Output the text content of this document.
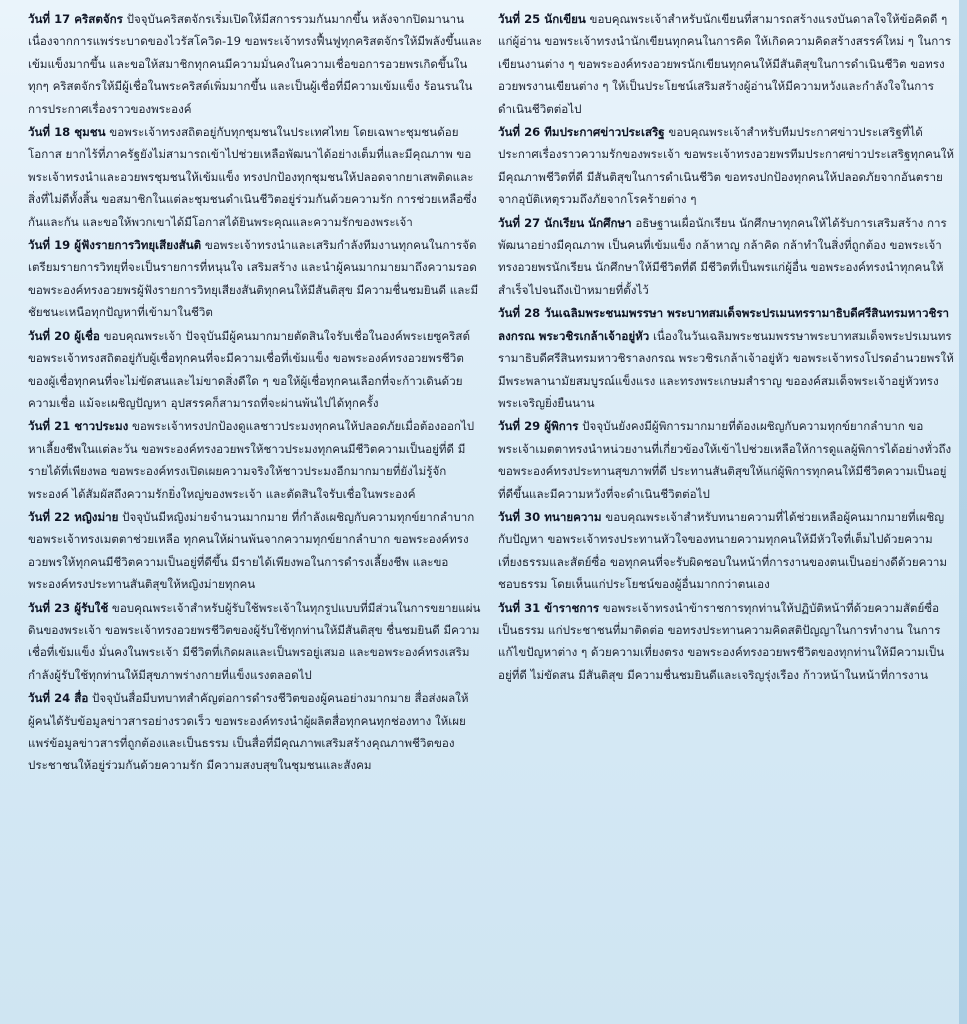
วันที่ 17 คริสตจักร ปัจจุบันคริสตจักรเริ่มเปิดให้มีสการรวมกันมากขึ้น หลังจากปิดมานานเนื่องจากการแพร่ระบาดของไวรัสโควิด-19 ขอพระเจ้าทรงฟื้นฟูทุกคริสตจักรให้มีพลังขึ้นและเข้มแข็งมากขึ้น และขอให้สมาชิกทุกคนมีความมั่นคงในความเชื่อขอการอวยพรเกิดขึ้นในทุกๆ คริสตจักรให้มีผู้เชื่อในพระคริสต์เพิ่มมากขึ้น และเป็นผู้เชื่อที่มีความเข้มแข็ง ร้อนรนในการประกาศเรื่องราวของพระองค์

วันที่ 18 ชุมชน ขอพระเจ้าทรงสถิตอยู่กับทุกชุมชนในประเทศไทย โดยเฉพาะชุมชนด้อยโอกาส ยากไร้ที่ภาครัฐยังไม่สามารถเข้าไปช่วยเหลือพัฒนาได้อย่างเต็มที่และมีคุณภาพ ขอพระเจ้าทรงนำและอวยพรชุมชนให้เข้มแข็ง ทรงปกป้องทุกชุมชนให้ปลอดจากยาเสพติดและสิ่งที่ไม่ดีทั้งสิ้น ขอสมาชิกในแต่ละชุมชนดำเนินชีวิตอยู่ร่วมกันด้วยความรัก การช่วยเหลือซึ่งกันและกัน และขอให้พวกเขาได้มีโอกาสได้ยินพระคุณและความรักของพระเจ้า

วันที่ 19 ผู้ฟังรายการวิทยุเสียงสันติ ขอพระเจ้าทรงนำและเสริมกำลังทีมงานทุกคนในการจัดเตรียมรายการวิทยุที่จะเป็นรายการที่หนุนใจ เสริมสร้าง และนำผู้คนมากมายมาถึงความรอด ขอพระองค์ทรงอวยพรผู้ฟังรายการวิทยุเสียงสันติทุกคนให้มีสันติสุข มีความชื่นชมยินดี และมีชัยชนะเหนือทุกปัญหาที่เข้ามาในชีวิต

วันที่ 20 ผู้เชื่อ ขอบคุณพระเจ้า ปัจจุบันมีผู้คนมากมายตัดสินใจรับเชื่อในองค์พระเยซูคริสต์ ขอพระเจ้าทรงสถิตอยู่กับผู้เชื่อทุกคนที่จะมีความเชื่อที่เข้มแข็ง ขอพระองค์ทรงอวยพรชีวิตของผู้เชื่อทุกคนที่จะไม่ขัดสนและไม่ขาดสิ่งดีใด ๆ ขอให้ผู้เชื่อทุกคนเลือกที่จะก้าวเดินด้วยความเชื่อ แม้จะเผชิญปัญหา อุปสรรคก็สามารถที่จะผ่านพ้นไปได้ทุกครั้ง

วันที่ 21 ชาวประมง ขอพระเจ้าทรงปกป้องดูแลชาวประมงทุกคนให้ปลอดภัยเมื่อต้องออกไปหาเลี้ยงชีพในแต่ละวัน ขอพระองค์ทรงอวยพรให้ชาวประมงทุกคนมีชีวิตความเป็นอยู่ที่ดี มีรายได้ที่เพียงพอ ขอพระองค์ทรงเปิดเผยความจริงให้ชาวประมงอีกมากมายที่ยังไม่รู้จักพระองค์ ได้สัมผัสถึงความรักยิ่งใหญ่ของพระเจ้า และตัดสินใจรับเชื่อในพระองค์

วันที่ 22 หญิงม่าย ปัจจุบันมีหญิงม่ายจำนวนมากมาย ที่กำลังเผชิญกับความทุกข์ยากลำบาก ขอพระเจ้าทรงเมตตาช่วยเหลือ ทุกคนให้ผ่านพ้นจากความทุกข์ยากลำบาก ขอพระองค์ทรงอวยพรให้ทุกคนมีชีวิตความเป็นอยู่ที่ดีขึ้น มีรายได้เพียงพอในการดำรงเลี้ยงชีพ และขอพระองค์ทรงประทานสันติสุขให้หญิงม่ายทุกคน

วันที่ 23 ผู้รับใช้ ขอบคุณพระเจ้าสำหรับผู้รับใช้พระเจ้าในทุกรูปแบบที่มีส่วนในการขยายแผ่นดินของพระเจ้า ขอพระเจ้าทรงอวยพรชีวิตของผู้รับใช้ทุกท่านให้มีสันติสุข ชื่นชมยินดี มีความเชื่อที่เข้มแข็ง มั่นคงในพระเจ้า มีชีวิตที่เกิดผลและเป็นพรอยู่เสมอ และขอพระองค์ทรงเสริมกำลังผู้รับใช้ทุกท่านให้มีสุขภาพร่างกายที่แข็งแรงตลอดไป

วันที่ 24 สื่อ ปัจจุบันสื่อมีบทบาทสำคัญต่อการดำรงชีวิตของผู้คนอย่างมากมาย สื่อส่งผลให้ผู้คนได้รับข้อมูลข่าวสารอย่างรวดเร็ว ขอพระองค์ทรงนำผู้ผลิตสื่อทุกคนทุกช่องทาง ให้เผยแพร่ข้อมูลข่าวสารที่ถูกต้องและเป็นธรรม เป็นสื่อที่มีคุณภาพเสริมสร้างคุณภาพชีวิตของประชาชนให้อยู่ร่วมกันด้วยความรัก มีความสงบสุขในชุมชนและสังคม

วันที่ 25 นักเขียน ขอบคุณพระเจ้าสำหรับนักเขียนที่สามารถสร้างแรงบันดาลใจให้ข้อคิดดี ๆ แก่ผู้อ่าน ขอพระเจ้าทรงนำนักเขียนทุกคนในการคิด ให้เกิดความคิดสร้างสรรค์ใหม่ ๆ ในการเขียนงานต่าง ๆ ขอพระองค์ทรงอวยพรนักเขียนทุกคนให้มีสันติสุขในการดำเนินชีวิต ขอทรงอวยพรงานเขียนต่าง ๆ ให้เป็นประโยชน์เสริมสร้างผู้อ่านให้มีความหวังและกำลังใจในการดำเนินชีวิตต่อไป

วันที่ 26 ทีมประกาศข่าวประเสริฐ ขอบคุณพระเจ้าสำหรับทีมประกาศข่าวประเสริฐที่ได้ประกาศเรื่องราวความรักของพระเจ้า ขอพระเจ้าทรงอวยพรทีมประกาศข่าวประเสริฐทุกคนให้มีคุณภาพชีวิตที่ดี มีสันติสุขในการดำเนินชีวิต ขอทรงปกป้องทุกคนให้ปลอดภัยจากอันตราย จากอุบัติเหตุรวมถึงภัยจากโรคร้ายต่าง ๆ

วันที่ 27 นักเรียน นักศึกษา อธิษฐานเผื่อนักเรียน นักศึกษาทุกคนให้ได้รับการเสริมสร้าง การพัฒนาอย่างมีคุณภาพ เป็นคนที่เข้มแข็ง กล้าหาญ กล้าคิด กล้าทำในสิ่งที่ถูกต้อง ขอพระเจ้าทรงอวยพรนักเรียน นักศึกษาให้มีชีวิตที่ดี มีชีวิตที่เป็นพรแก่ผู้อื่น ขอพระองค์ทรงนำทุกคนให้สำเร็จไปจนถึงเป้าหมายที่ตั้งไว้

วันที่ 28 วันเฉลิมพระชนมพรรษา พระบาทสมเด็จพระปรเมนทรรามาธิบดีศรีสินทรมหาวชิราลงกรณ พระวชิรเกล้าเจ้าอยู่หัว เนื่องในวันเฉลิมพระชนมพรรษาพระบาทสมเด็จพระปรเมนทรรามาธิบดีศรีสินทรมหาวชิราลงกรณ พระวชิรเกล้าเจ้าอยู่หัว ขอพระเจ้าทรงโปรดอำนวยพรให้มีพระพลานามัยสมบูรณ์แข็งแรง และทรงพระเกษมสำราญ ขอองค์สมเด็จพระเจ้าอยู่หัวทรงพระเจริญยิ่งยืนนาน

วันที่ 29 ผู้พิการ ปัจจุบันยังคงมีผู้พิการมากมายที่ต้องเผชิญกับความทุกข์ยากลำบาก ขอพระเจ้าเมตตาทรงนำหน่วยงานที่เกี่ยวข้องให้เข้าไปช่วยเหลือให้การดูแลผู้พิการได้อย่างทั่วถึง ขอพระองค์ทรงประทานสุขภาพที่ดี ประทานสันติสุขให้แก่ผู้พิการทุกคนให้มีชีวิตความเป็นอยู่ที่ดีขึ้นและมีความหวังที่จะดำเนินชีวิตต่อไป

วันที่ 30 ทนายความ ขอบคุณพระเจ้าสำหรับทนายความที่ได้ช่วยเหลือผู้คนมากมายที่เผชิญกับปัญหา ขอพระเจ้าทรงประทานหัวใจของทนายความทุกคนให้มีหัวใจที่เต็มไปด้วยความเที่ยงธรรมและสัตย์ซื่อ ขอทุกคนที่จะรับผิดชอบในหน้าที่การงานของตนเป็นอย่างดีด้วยความชอบธรรม โดยเห็นแก่ประโยชน์ของผู้อื่นมากกว่าตนเอง

วันที่ 31 ข้าราชการ ขอพระเจ้าทรงนำข้าราชการทุกท่านให้ปฏิบัติหน้าที่ด้วยความสัตย์ซื่อ เป็นธรรม แก่ประชาชนที่มาติดต่อ ขอทรงประทานความคิดสติปัญญาในการทำงาน ในการแก้ไขปัญหาต่าง ๆ ด้วยความเที่ยงตรง ขอพระองค์ทรงอวยพรชีวิตของทุกท่านให้มีความเป็นอยู่ที่ดี ไม่ขัดสน มีสันติสุข มีความชื่นชมยินดีและเจริญรุ่งเรือง ก้าวหน้าในหน้าที่การงาน
